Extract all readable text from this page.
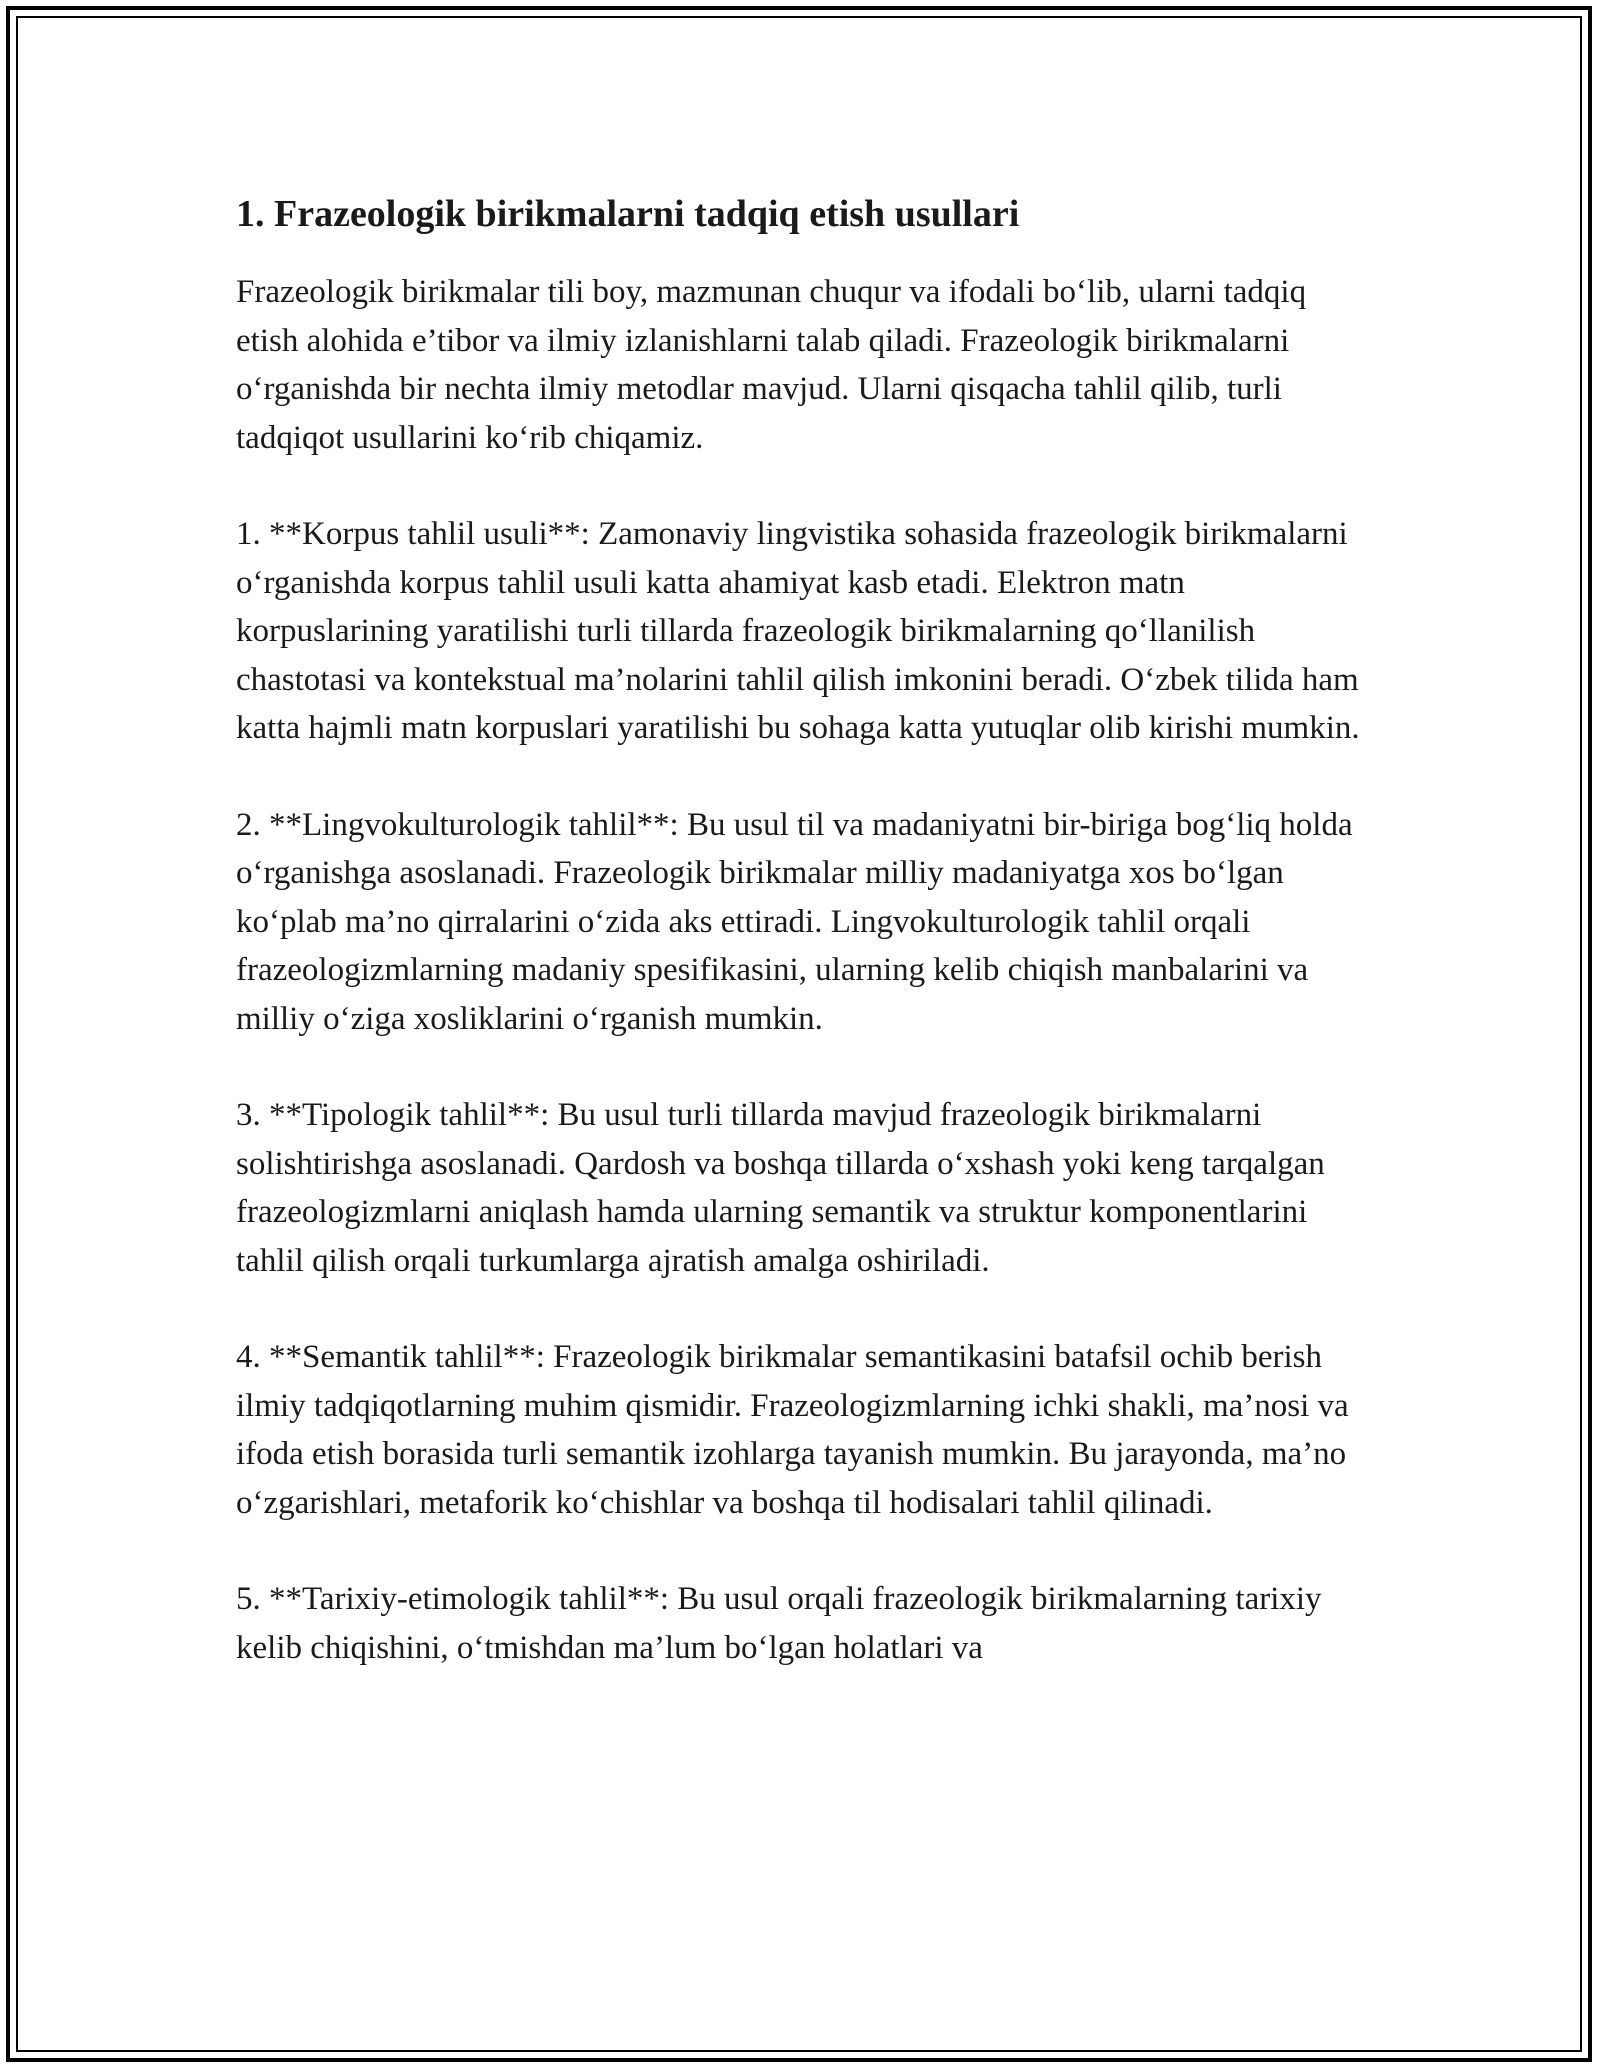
1. Frazeologik birikmalarni tadqiq etish usullari

Frazeologik birikmalar tili boy, mazmunan chuqur va ifodali bo‘lib, ularni tadqiq etish alohida e’tibor va ilmiy izlanishlarni talab qiladi. Frazeologik birikmalarni o‘rganishda bir nechta ilmiy metodlar mavjud. Ularni qisqacha tahlil qilib, turli tadqiqot usullarini ko‘rib chiqamiz.

1. **Korpus tahlil usuli**: Zamonaviy lingvistika sohasida frazeologik birikmalarni o‘rganishda korpus tahlil usuli katta ahamiyat kasb etadi. Elektron matn korpuslarining yaratilishi turli tillarda frazeologik birikmalarning qo‘llanilish chastotasi va kontekstual ma’nolarini tahlil qilish imkonini beradi. O‘zbek tilida ham katta hajmli matn korpuslari yaratilishi bu sohaga katta yutuqlar olib kirishi mumkin.

2. **Lingvokulturologik tahlil**: Bu usul til va madaniyatni bir-biriga bog‘liq holda o‘rganishga asoslanadi. Frazeologik birikmalar milliy madaniyatga xos bo‘lgan ko‘plab ma’no qirralarini o‘zida aks ettiradi. Lingvokulturologik tahlil orqali frazeologizmlarning madaniy spesifikasini, ularning kelib chiqish manbalarini va milliy o‘ziga xosliklarini o‘rganish mumkin.

3. **Tipologik tahlil**: Bu usul turli tillarda mavjud frazeologik birikmalarni solishtirishga asoslanadi. Qardosh va boshqa tillarda o‘xshash yoki keng tarqalgan frazeologizmlarni aniqlash hamda ularning semantik va struktur komponentlarini tahlil qilish orqali turkumlarga ajratish amalga oshiriladi.

4. **Semantik tahlil**: Frazeologik birikmalar semantikasini batafsil ochib berish ilmiy tadqiqotlarning muhim qismidir. Frazeologizmlarning ichki shakli, ma’nosi va ifoda etish borasida turli semantik izohlarga tayanish mumkin. Bu jarayonda, ma’no o‘zgarishlari, metaforik ko‘chishlar va boshqa til hodisalari tahlil qilinadi.

5. **Tarixiy-etimologik tahlil**: Bu usul orqali frazeologik birikmalarning tarixiy kelib chiqishini, o‘tmishdan ma’lum bo‘lgan holatlari va
